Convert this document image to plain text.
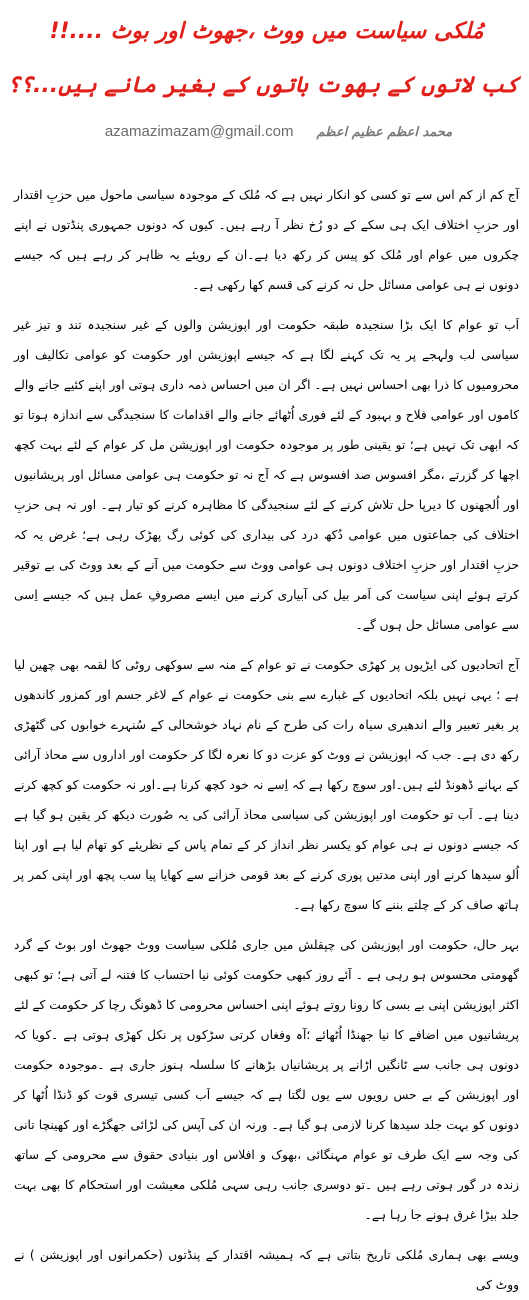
مُلکی سیاست میں ووٹ ،جھوٹ اور بوٹ ....!!
کب لاتوں کے بھوت باتوں کے بغیر مانے ہیں...؟؟
azamazimazam@gmail.com محمد اعظم عظیم اعظم

آج کم از کم اس سے تو کسی کو انکار نہیں ہے کہ مُلک کے موجودہ سیاسی ماحول میں حزبِ اقتدار اور حزبِ اختلاف ایک ہی سکے کے دو رُخ نظر آ رہے ہیں۔ کیوں کہ دونوں جمہوری پنڈتوں نے اپنے چکروں میں عوام اور مُلک کو پیس کر رکھ دیا ہے۔ان کے رویئے یہ ظاہر کر رہے ہیں کہ جیسے دونوں نے ہی عوامی مسائل حل نہ کرنے کی قسم کھا رکھی ہے۔

اَب تو عوام کا ایک بڑا سنجیدہ طبقہ حکومت اور اپوزیشن والوں کے غیر سنجیدہ تند و تیز غیر سیاسی لب ولہجے پر یہ تک کہنے لگا ہے کہ جیسے اپوزیشن اور حکومت کو عوامی تکالیف اور محرومیوں کا ذرا بھی احساس نہیں ہے۔ اگر ان میں احساس ذمہ داری ہوتی اور اپنے کئیے جانے والے کاموں اور عوامی فلاح و بہبود کے لئے فوری اُٹھائے جانے والے اقدامات کا سنجیدگی سے اندازہ ہوتا تو کہ ابھی تک نہیں ہے؛ تو یقینی طور پر موجودہ حکومت اور اپوزیشن مل کر عوام کے لئے بہت کچھ اچھا کر گزرتے ،مگر افسوس صد افسوس ہے کہ آج نہ تو حکومت ہی عوامی مسائل اور پریشانیوں اور اُلجھنوں کا دیرپا حل تلاش کرنے کے لئے سنجیدگی کا مظاہرہ کرنے کو تیار ہے۔ اور نہ ہی حزبِ اختلاف کی جماعتوں میں عوامی دُکھ درد کی بیداری کی کوئی رگ پھڑک رہی ہے؛ غرض یہ کہ حزبِ اقتدار اور حزبِ اختلاف دونوں ہی عوامی ووٹ سے حکومت میں آنے کے بعد ووٹ کی بے توقیر کرتے ہوئے اپنی سیاست کی اَمر بیل کی آبیاری کرنے میں ایسے مصروفِ عمل ہیں کہ جیسے اِسی سے عوامی مسائل حل ہوں گے۔

آج اتحادیوں کی ایڑیوں پر کھڑی حکومت نے تو عوام کے منہ سے سوکھی روٹی کا لقمہ بھی چھین لیا ہے ؛ یہی نہیں بلکہ اتحادیوں کے غبارے سے بنی حکومت نے عوام کے لاغر جسم اور کمزور کاندھوں پر بغیر تعبیر والے اندھیری سیاہ رات کی طرح کے نام نہاد خوشحالی کے سُنہرے خوابوں کی گٹھڑی رکھ دی ہے۔ جب کہ اپوزیشن نے ووٹ کو عزت دو کا نعرہ لگا کر حکومت اور اداروں سے محاذ آرائی کے بہانے ڈھونڈ لئے ہیں۔اور سوچ رکھا ہے کہ اِسے نہ خود کچھ کرنا ہے۔اور نہ حکومت کو کچھ کرنے دینا ہے۔ اَب تو حکومت اور اپوزیشن کی سیاسی محاذ آرائی کی یہ صُورت دیکھ کر یقین ہو گیا ہے کہ جیسے دونوں نے ہی عوام کو یکسر نظر انداز کر کے تمام پاس کے نظریئے کو تھام لیا ہے اور اپنا اُلو سیدھا کرنے اور اپنی مدتیں پوری کرنے کے بعد قومی خزانے سے کھایا پیا سب پچھ اور اپنی کمر پر ہاتھ صاف کر کے چلتے بننے کا سوچ رکھا ہے۔

بہر حال، حکومت اور اپوزیشن کی چپقلش میں جاری مُلکی سیاست ووٹ جھوٹ اور بوٹ کے گرد گھومتی محسوس ہو رہی ہے ۔ آئے روز کبھی حکومت کوئی نیا احتساب کا فتنہ لے آتی ہے؛ تو کبھی اکثر اپوزیشن اپنی بے بسی کا رونا روتے ہوئے اپنی احساس محرومی کا ڈھونگ رچا کر حکومت کے لئے پریشانیوں میں اضافے کا نیا جھنڈا اُٹھائے ؛آہ وفغاں کرتی سڑکوں پر نکل کھڑی ہوتی ہے ۔کویا کہ دونوں ہی جانب سے ٹانگیں اڑانے پر پریشانیاں بڑھانے کا سلسلہ ہنوز جاری ہے ۔موجودہ حکومت اور اپوزیشن کے بے حس رویوں سے یوں لگتا ہے کہ جیسے اَب کسی تیسری قوت کو ڈنڈا اُٹھا کر دونوں کو بہت جلد سیدھا کرنا لازمی ہو گیا ہے۔ ورنہ ان کی آپس کی لڑائی جھگڑے اور کھینچا تانی کی وجہ سے ایک طرف تو عوام مہنگائی ،بھوک و افلاس اور بنیادی حقوق سے محرومی کے ساتھ زندہ در گور ہوتی رہے ہیں ۔تو دوسری جانب رہی سہی مُلکی معیشت اور استحکام کا بھی بہت جلد بیڑا غرق ہونے جا رہا ہے۔

ویسے بھی ہماری مُلکی تاریخ بتاتی ہے کہ ہمیشہ اقتدار کے پنڈتوں (حکمرانوں اور اپوزیشن ) نے ووٹ کی
